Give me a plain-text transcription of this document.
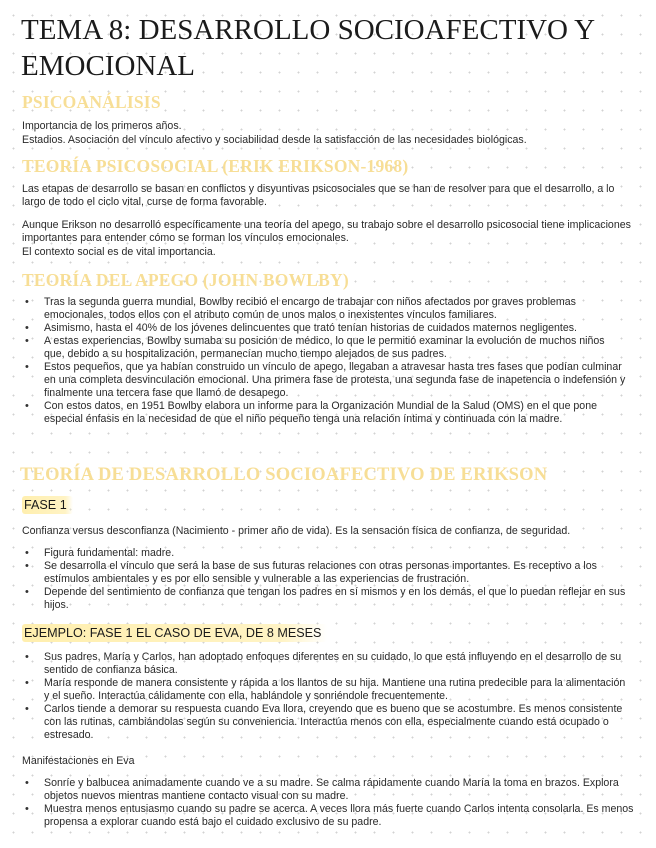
TEMA 8: DESARROLLO SOCIOAFECTIVO Y EMOCIONAL
PSICOANÁLISIS

Importancia de los primeros años.

Estadios. Asociación del vínculo afectivo y sociabilidad desde la satisfacción de las necesidades biológicas.

TEORÍA PSICOSOCIAL (ERIK ERIKSON-1968)

Las etapas de desarrollo se basan en conflictos y disyuntivas psicosociales que se han de resolver para que el desarrollo, a lo largo de todo el ciclo vital, curse de forma favorable.

Aunque Erikson no desarrolló específicamente una teoría del apego, su trabajo sobre el desarrollo psicosocial tiene implicaciones importantes para entender cómo se forman los vínculos emocionales.

El contexto social es de vital importancia.

TEORÍA DEL APEGO (JOHN BOWLBY)
• Tras la segunda guerra mundial, Bowlby recibió el encargo de trabajar con niños afectados por graves problemas emocionales, todos ellos con el atributo común de unos malos o inexistentes vínculos familiares.
• Asimismo, hasta el 40% de los jóvenes delincuentes que trató tenían historias de cuidados maternos negligentes.
• A estas experiencias, Bowlby sumaba su posición de médico, lo que le permitió examinar la evolución de muchos niños que, debido a su hospitalización, permanecían mucho tiempo alejados de sus padres.
• Estos pequeños, que ya habían construido un vínculo de apego, llegaban a atravesar hasta tres fases que podían culminar en una completa desvinculación emocional. Una primera fase de protesta, una segunda fase de inapetencia o indefensión y finalmente una tercera fase que llamó de desapego.
• Con estos datos, en 1951 Bowlby elabora un informe para la Organización Mundial de la Salud (OMS) en el que pone especial énfasis en la necesidad de que el niño pequeño tenga una relación íntima y continuada con la madre.
TEORÍA DE DESARROLLO SOCIOAFECTIVO DE ERIKSON
FASE 1

Confianza versus desconfianza (Nacimiento - primer año de vida). Es la sensación física de confianza, de seguridad.

• Figura fundamental: madre.
• Se desarrolla el vínculo que será la base de sus futuras relaciones con otras personas importantes. Es receptivo a los estímulos ambientales y es por ello sensible y vulnerable a las experiencias de frustración.
• Depende del sentimiento de confianza que tengan los padres en sí mismos y en los demás, el que lo puedan reflejar en sus hijos.
EJEMPLO: FASE 1 EL CASO DE EVA, DE 8 MESES
• Sus padres, María y Carlos, han adoptado enfoques diferentes en su cuidado, lo que está influyendo en el desarrollo de su sentido de confianza básica.
• María responde de manera consistente y rápida a los llantos de su hija. Mantiene una rutina predecible para la alimentación y el sueño. Interactúa cálidamente con ella, hablándole y sonriéndole frecuentemente.
• Carlos tiende a demorar su respuesta cuando Eva llora, creyendo que es bueno que se acostumbre. Es menos consistente con las rutinas, cambiándolas según su conveniencia. Interactúa menos con ella, especialmente cuando está ocupado o estresado.

Manifestaciones en Eva

• Sonríe y balbucea animadamente cuando ve a su madre. Se calma rápidamente cuando María la toma en brazos. Explora objetos nuevos mientras mantiene contacto visual con su madre.
• Muestra menos entusiasmo cuando su padre se acerca. A veces llora más fuerte cuando Carlos intenta consolarla. Es menos propensa a explorar cuando está bajo el cuidado exclusivo de su padre.
